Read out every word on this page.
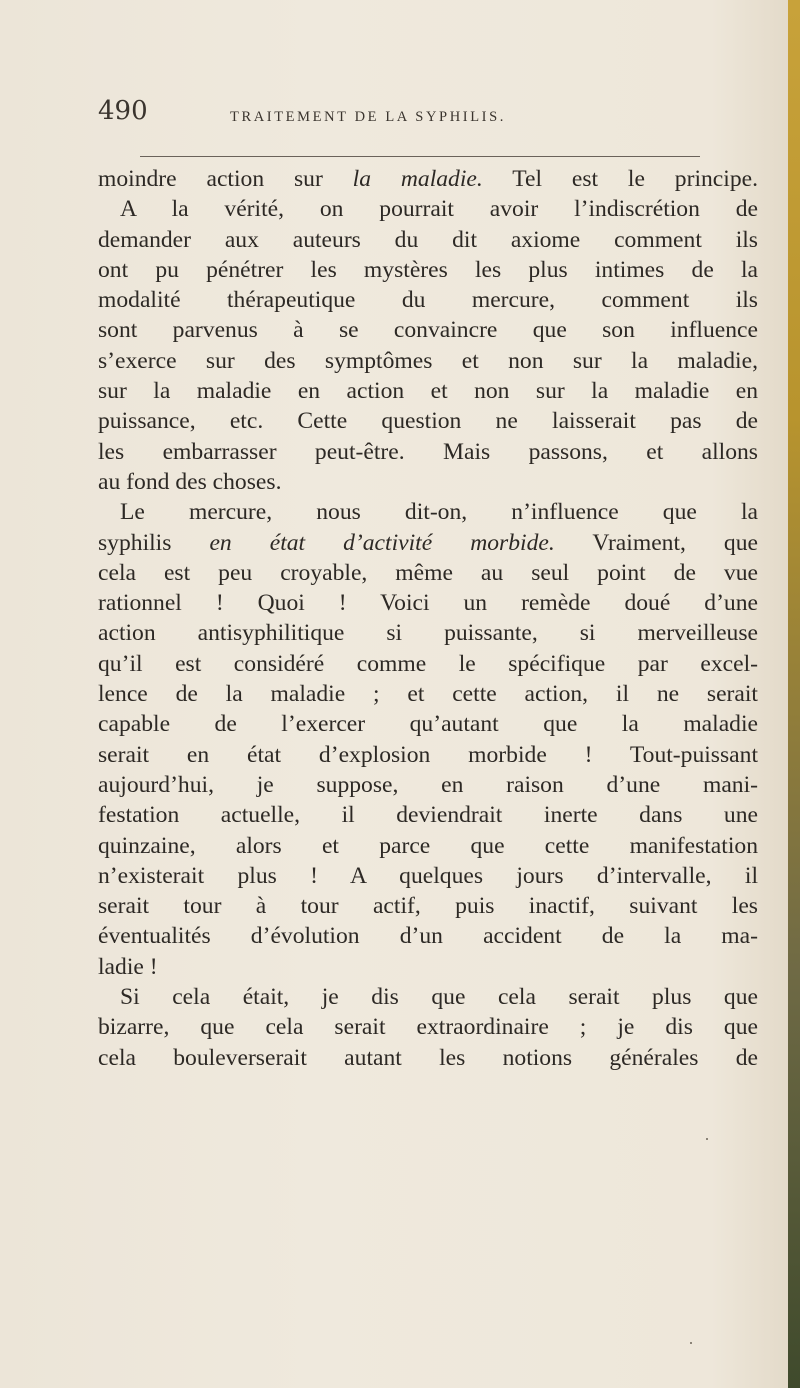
490	TRAITEMENT DE LA SYPHILIS.
moindre action sur la maladie. Tel est le principe.
A la vérité, on pourrait avoir l’indiscrétion de
demander aux auteurs du dit axiome comment ils
ont pu pénétrer les mystères les plus intimes de la
modalité thérapeutique du mercure, comment ils
sont parvenus à se convaincre que son influence
s’exerce sur des symptômes et non sur la maladie,
sur la maladie en action et non sur la maladie en
puissance, etc. Cette question ne laisserait pas de
les embarrasser peut-être. Mais passons, et allons
au fond des choses.
Le mercure, nous dit-on, n’influence que la
syphilis en état d’activité morbide. Vraiment, que
cela est peu croyable, même au seul point de vue
rationnel ! Quoi ! Voici un remède doué d’une
action antisyphilitique si puissante, si merveilleuse
qu’il est considéré comme le spécifique par excel-
lence de la maladie ; et cette action, il ne serait
capable de l’exercer qu’autant que la maladie
serait en état d’explosion morbide ! Tout-puissant
aujourd’hui, je suppose, en raison d’une mani-
festation actuelle, il deviendrait inerte dans une
quinzaine, alors et parce que cette manifestation
n’existerait plus ! A quelques jours d’intervalle, il
serait tour à tour actif, puis inactif, suivant les
éventualités d’évolution d’un accident de la ma-
ladie !
Si cela était, je dis que cela serait plus que
bizarre, que cela serait extraordinaire ; je dis que
cela bouleverserait autant les notions générales de
